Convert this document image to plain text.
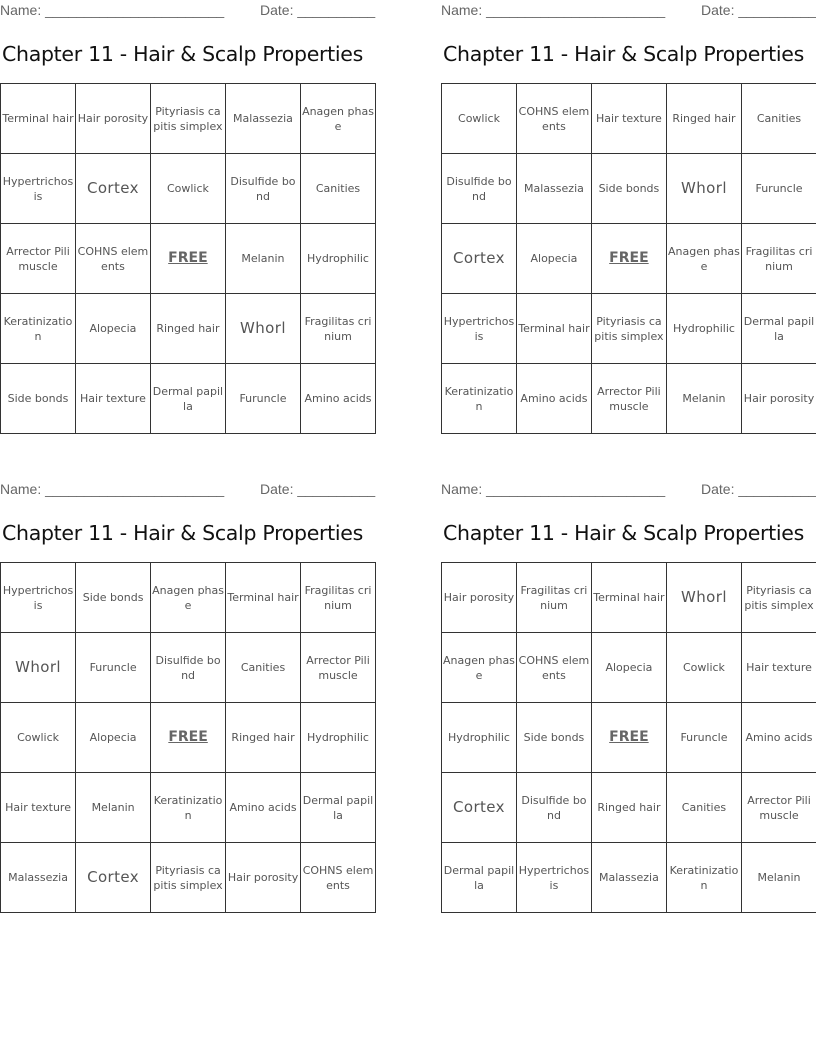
Name: _______________________	Date: __________
Chapter 11 - Hair & Scalp Properties
Terminal hair	Hair porosity	Pityriasis capitis simplex	Malassezia	Anagen phase
Hypertrichosis	Cortex	Cowlick	Disulfide bond	Canities
Arrector Pili muscle	COHNS elements	FREE	Melanin	Hydrophilic
Keratinization	Alopecia	Ringed hair	Whorl	Fragilitas crinium
Side bonds	Hair texture	Dermal papilla	Furuncle	Amino acids
Name: _______________________	Date: __________
Chapter 11 - Hair & Scalp Properties
Cowlick	COHNS elements	Hair texture	Ringed hair	Canities
Disulfide bond	Malassezia	Side bonds	Whorl	Furuncle
Cortex	Alopecia	FREE	Anagen phase	Fragilitas crinium
Hypertrichosis	Terminal hair	Pityriasis capitis simplex	Hydrophilic	Dermal papilla
Keratinization	Amino acids	Arrector Pili muscle	Melanin	Hair porosity
Name: _______________________	Date: __________
Chapter 11 - Hair & Scalp Properties
Hypertrichosis	Side bonds	Anagen phase	Terminal hair	Fragilitas crinium
Whorl	Furuncle	Disulfide bond	Canities	Arrector Pili muscle
Cowlick	Alopecia	FREE	Ringed hair	Hydrophilic
Hair texture	Melanin	Keratinization	Amino acids	Dermal papilla
Malassezia	Cortex	Pityriasis capitis simplex	Hair porosity	COHNS elements
Name: _______________________	Date: __________
Chapter 11 - Hair & Scalp Properties
Hair porosity	Fragilitas crinium	Terminal hair	Whorl	Pityriasis capitis simplex
Anagen phase	COHNS elements	Alopecia	Cowlick	Hair texture
Hydrophilic	Side bonds	FREE	Furuncle	Amino acids
Cortex	Disulfide bond	Ringed hair	Canities	Arrector Pili muscle
Dermal papilla	Hypertrichosis	Malassezia	Keratinization	Melanin
